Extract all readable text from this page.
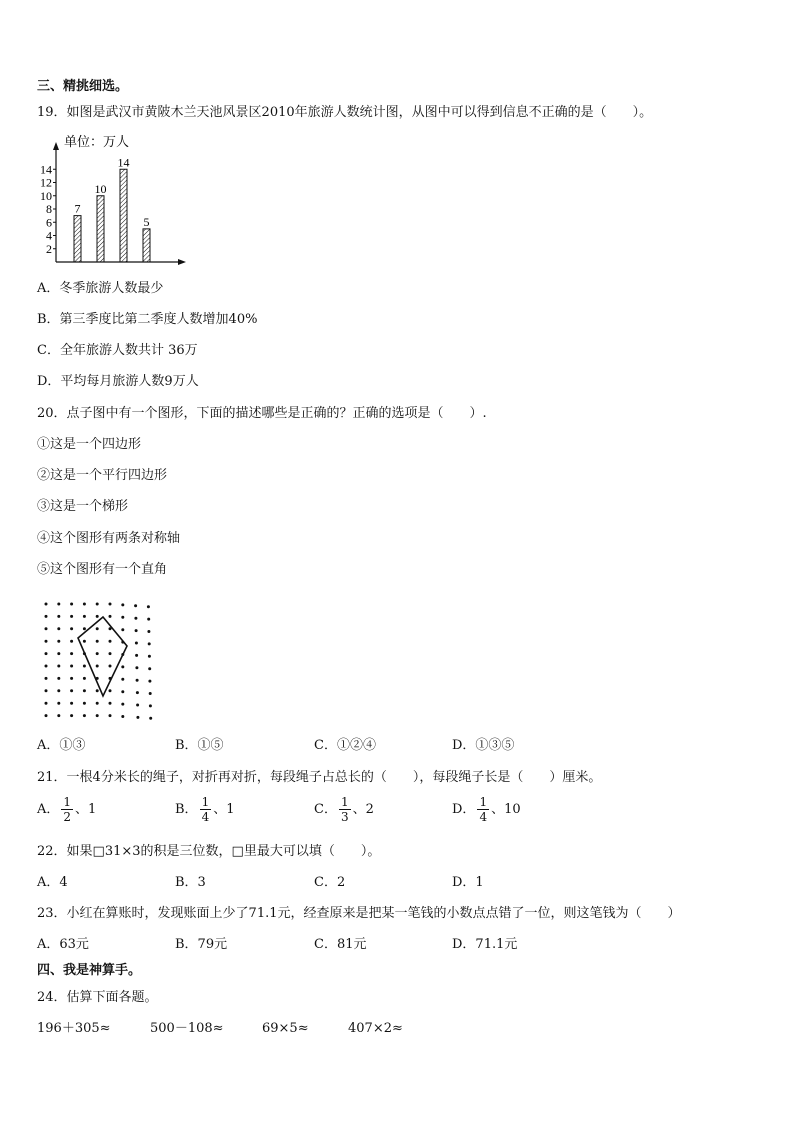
三、精挑细选。
19．如图是武汉市黄陂木兰天池风景区2010年旅游人数统计图，从图中可以得到信息不正确的是（　　）。
单位：万人
2
4
6
8
10
12
14
7
10
14
5
A．冬季旅游人数最少
B．第三季度比第二季度人数增加40%
C．全年旅游人数共计 36万
D．平均每月旅游人数9万人
20．点子图中有一个图形，下面的描述哪些是正确的？正确的选项是（　　）.
①这是一个四边形
②这是一个平行四边形
③这是一个梯形
④这个图形有两条对称轴
⑤这个图形有一个直角
A．①③	B．①⑤	C．①②④	D．①③⑤
21．一根4分米长的绳子，对折再对折，每段绳子占总长的（　　），每段绳子长是（　　）厘米。
A． $\frac{1}{2}$ 、1	B． $\frac{1}{4}$ 、1	C． $\frac{1}{3}$ 、2	D． $\frac{1}{4}$ 、10
22．如果□31×3的积是三位数，□里最大可以填（　　）。
A．4	B．3	C．2	D．1
23．小红在算账时，发现账面上少了71.1元，经查原来是把某一笔钱的小数点点错了一位，则这笔钱为（　　）
A．63元	B．79元	C．81元	D．71.1元
四、我是神算手。
24．估算下面各题。
196＋305≈	500－108≈	69×5≈	407×2≈
